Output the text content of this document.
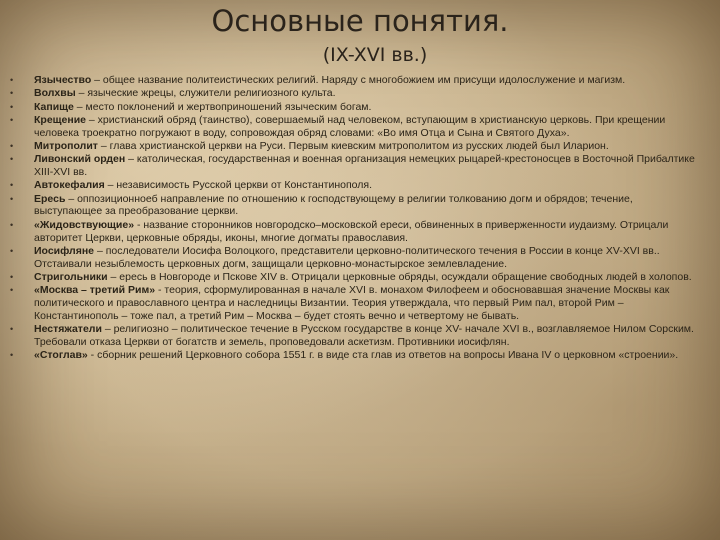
Основные понятия.
(IX-XVI вв.)
• Язычество – общее название политеистических религий. Наряду с многобожием им присущи идолослужение и магизм.
• Волхвы – языческие жрецы, служители религиозного культа.
• Капище – место поклонений и жертвоприношений языческим богам.
• Крещение – христианский обряд (таинство), совершаемый над человеком, вступающим в христианскую церковь. При крещении человека троекратно погружают в воду, сопровождая обряд словами: «Во имя Отца и Сына и Святого Духа».
• Митрополит – глава христианской церкви на Руси. Первым киевским митрополитом из русских людей был Иларион.
• Ливонский орден – католическая, государственная и военная организация немецких рыцарей-крестоносцев в Восточной Прибалтике XIII-XVI вв.
• Автокефалия – независимость Русской церкви от Константинополя.
• Ересь – оппозиционноеб направление по отношению к господствующему в религии толкованию догм и обрядов; течение, выступающее за преобразование церкви.
• «Жидовствующие» - название сторонников новгородско–московской ереси, обвиненных в приверженности иудаизму. Отрицали авторитет Церкви, церковные обряды, иконы, многие догматы православия.
• Иосифляне – последователи Иосифа Волоцкого, представители церковно-политического течения в России в конце XV-XVI вв.. Отстаивали незыблемость церковных догм, защищали церковно-монастырское землевладение.
• Стригольники – ересь в Новгороде и Пскове XIV в. Отрицали церковные обряды, осуждали обращение свободных людей в холопов.
• «Москва – третий Рим» - теория, сформулированная в начале XVI в. монахом Филофеем и обосновавшая значение Москвы как политического и православного центра и наследницы Византии. Теория утверждала, что первый Рим пал, второй Рим – Константинополь – тоже пал, а третий Рим – Москва – будет стоять вечно и четвертому не бывать.
• Нестяжатели – религиозно – политическое течение в Русском государстве в конце XV- начале XVI в., возглавляемое Нилом Сорским. Требовали отказа Церкви от богатств и земель, проповедовали аскетизм. Противники иосифлян.
• «Стоглав» - сборник решений Церковного собора 1551 г. в виде ста глав из ответов на вопросы Ивана IV о церковном «строении».
